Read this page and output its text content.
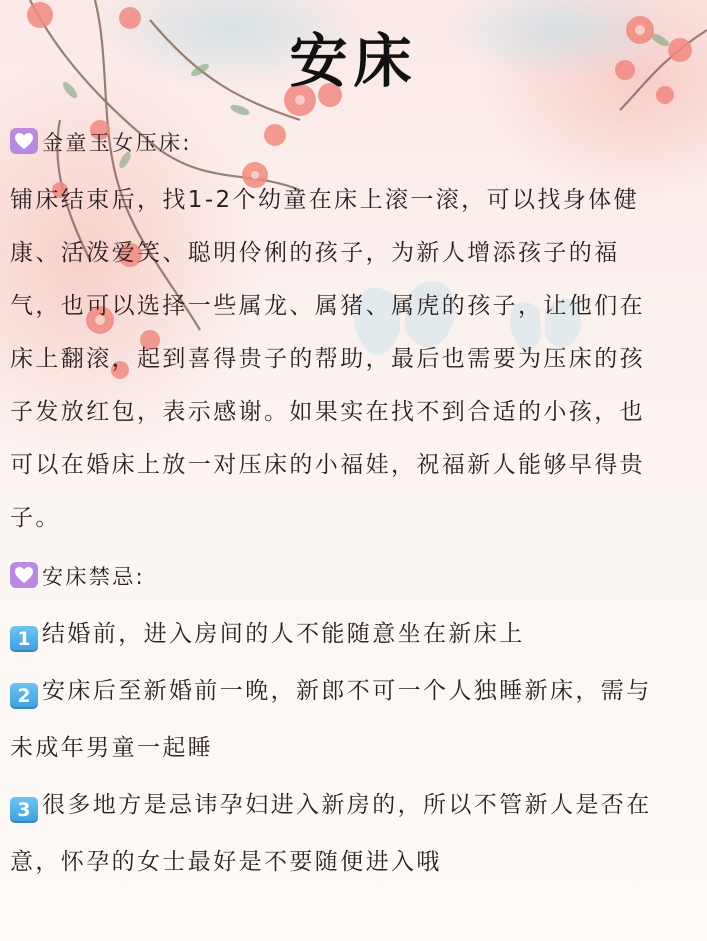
安床
金童玉女压床:
铺床结束后，找1-2个幼童在床上滚一滚，可以找身体健
康、活泼爱笑、聪明伶俐的孩子，为新人增添孩子的福
气，也可以选择一些属龙、属猪、属虎的孩子，让他们在
床上翻滚，起到喜得贵子的帮助，最后也需要为压床的孩
子发放红包，表示感谢。如果实在找不到合适的小孩，也
可以在婚床上放一对压床的小福娃，祝福新人能够早得贵
子。
安床禁忌:
1 结婚前，进入房间的人不能随意坐在新床上
2 安床后至新婚前一晚，新郎不可一个人独睡新床，需与
未成年男童一起睡
3 很多地方是忌讳孕妇进入新房的，所以不管新人是否在
意，怀孕的女士最好是不要随便进入哦
